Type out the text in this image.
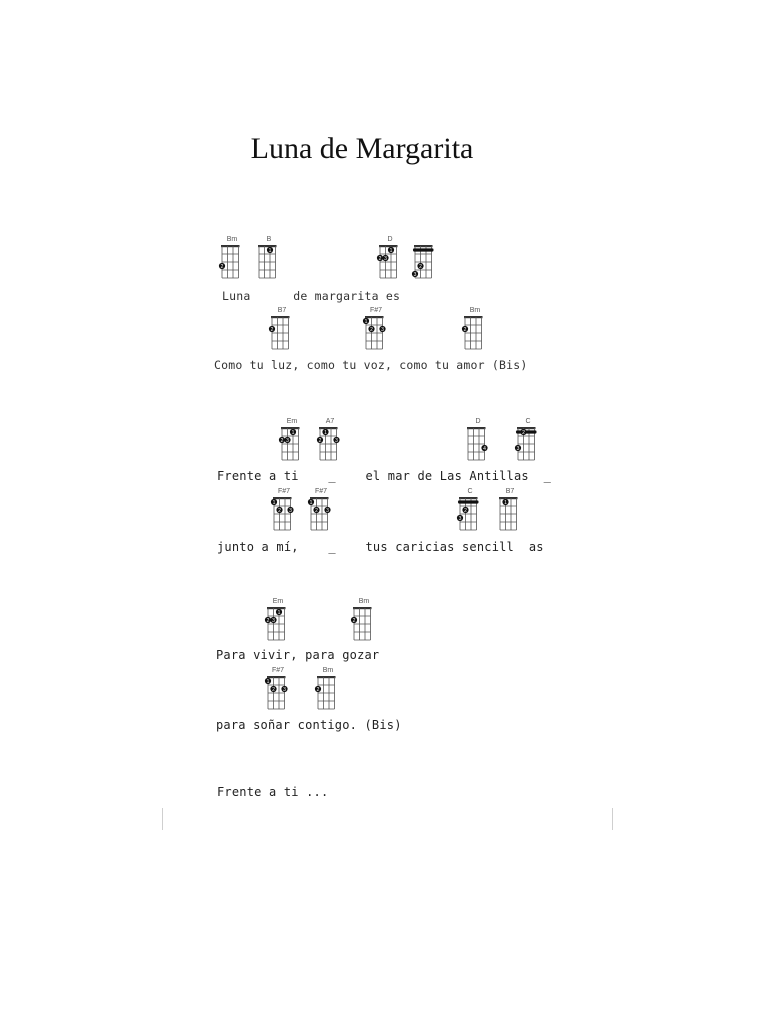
Luna de Margarita
Bm
2
B
1
D
2 3
1
3
2
B7
2
F#7
1
2 3
Bm
2
Em
2 3
1
A7
2
1
3
D
4
C
2
3
F#7
1
2 3
F#7
1
2 3
C
2
3
B7
1
Em
2 3
1
Bm
2
F#7
1
2 3
Bm
2
Luna      de margarita es
Como tu luz, como tu voz, como tu amor (Bis)
Frente a ti    _    el mar de Las Antillas  _
junto a mí,    _    tus caricias sencill  as
Para vivir, para gozar
para soñar contigo. (Bis)
Frente a ti ...
